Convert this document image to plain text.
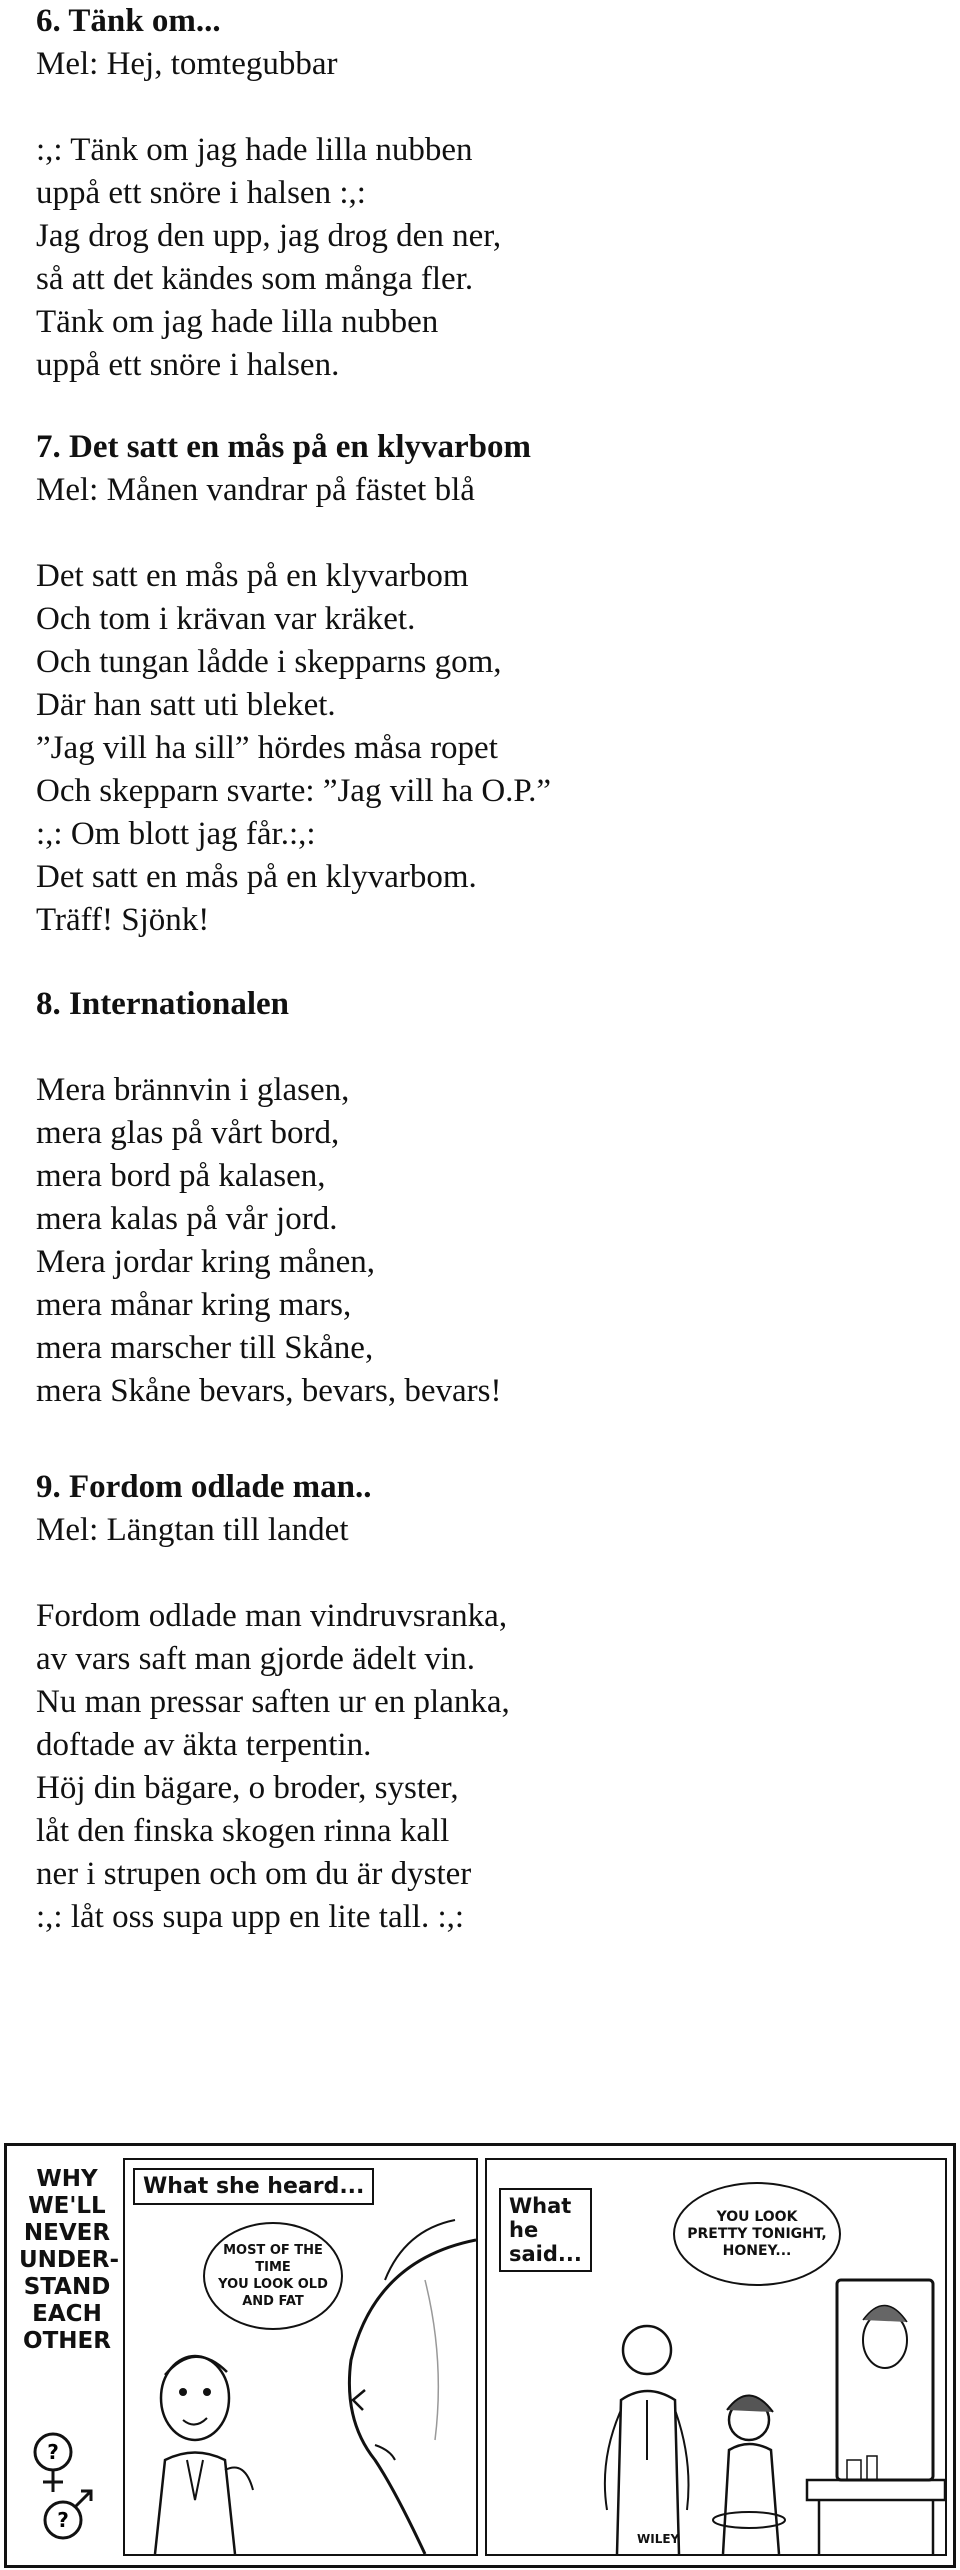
6. Tänk om...

Mel: Hej, tomtegubbar

:,: Tänk om jag hade lilla nubben
uppå ett snöre i halsen :,:
Jag drog den upp, jag drog den ner,
så att det kändes som många fler.
Tänk om jag hade lilla nubben
uppå ett snöre i halsen.

7. Det satt en mås på en klyvarbom

Mel: Månen vandrar på fästet blå

Det satt en mås på en klyvarbom
Och tom i krävan var kräket.
Och tungan lådde i skepparns gom,
Där han satt uti bleket.
”Jag vill ha sill” hördes måsa ropet
Och skepparn svarte: ”Jag vill ha O.P.”
:,: Om blott jag får.:,:
Det satt en mås på en klyvarbom.
Träff! Sjönk!

8. Internationalen

Mera brännvin i glasen,
mera glas på vårt bord,
mera bord på kalasen,
mera kalas på vår jord.
Mera jordar kring månen,
mera månar kring mars,
mera marscher till Skåne,
mera Skåne bevars, bevars, bevars!

9. Fordom odlade man..

Mel: Längtan till landet

Fordom odlade man vindruvsranka,
av vars saft man gjorde ädelt vin.
Nu man pressar saften ur en planka,
doftade av äkta terpentin.
Höj din bägare, o broder, syster,
låt den finska skogen rinna kall
ner i strupen och om du är dyster
:,: låt oss supa upp en lite tall. :,:
WHY
WE'LL
NEVER
UNDER-
STAND
EACH
OTHER
?
?
What she heard...
MOST OF THE TIME
YOU LOOK OLD
AND FAT
What
he
said...
YOU LOOK
PRETTY TONIGHT,
HONEY...
WILEY
